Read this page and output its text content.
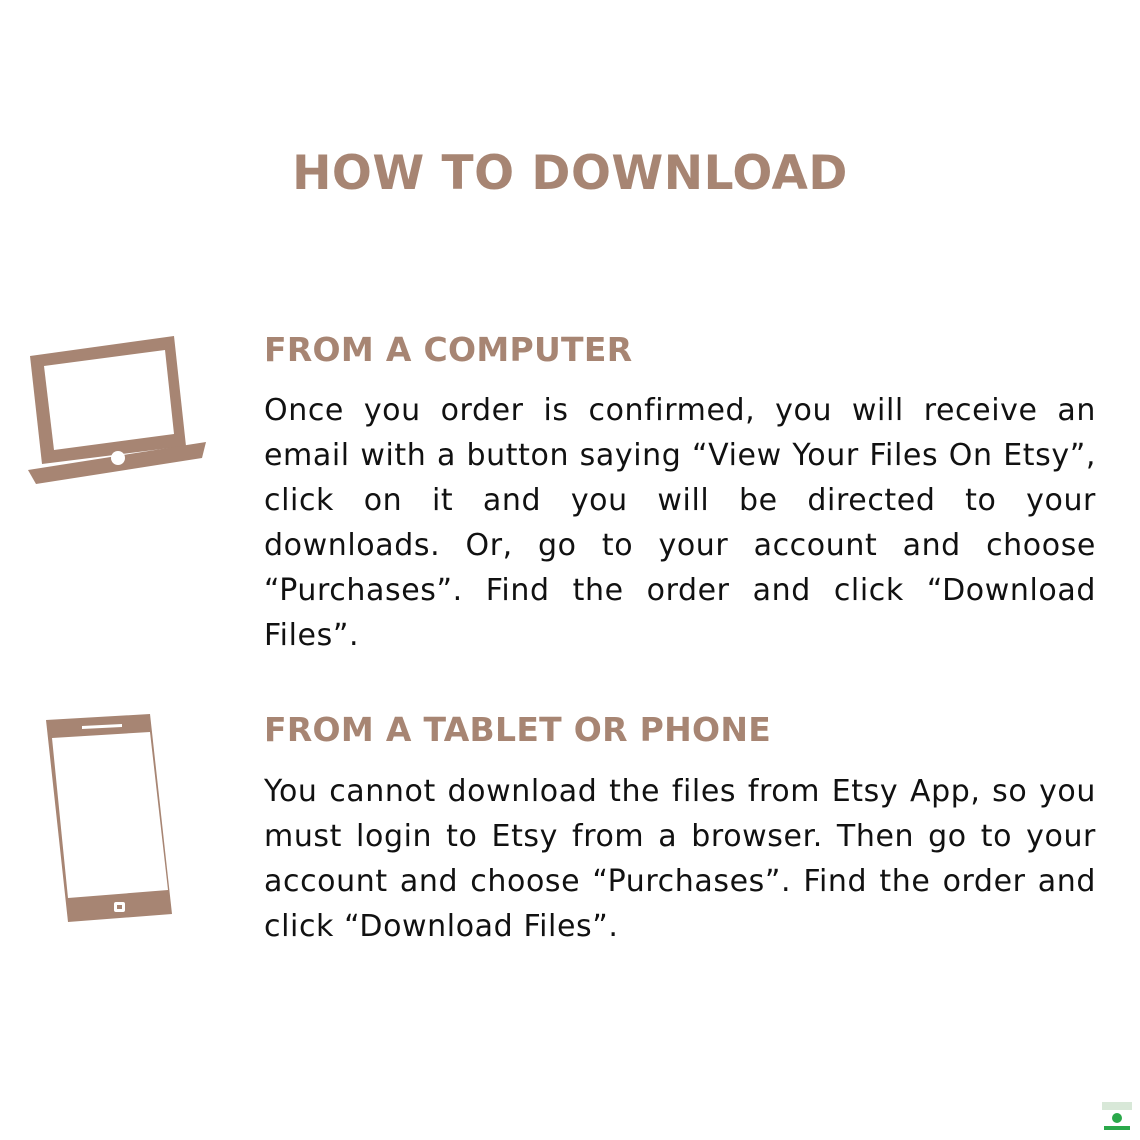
HOW TO DOWNLOAD
FROM A COMPUTER
Once you order is confirmed, you will receive an email with a button saying “View Your Files On Etsy”, click on it and you will be directed to your downloads. Or, go to your account and choose “Purchases”. Find the order and click “Download Files”.
FROM A TABLET OR PHONE
You cannot download the files from Etsy App, so you must login to Etsy from a browser. Then go to your account and choose “Purchases”. Find the order and click “Download Files”.
